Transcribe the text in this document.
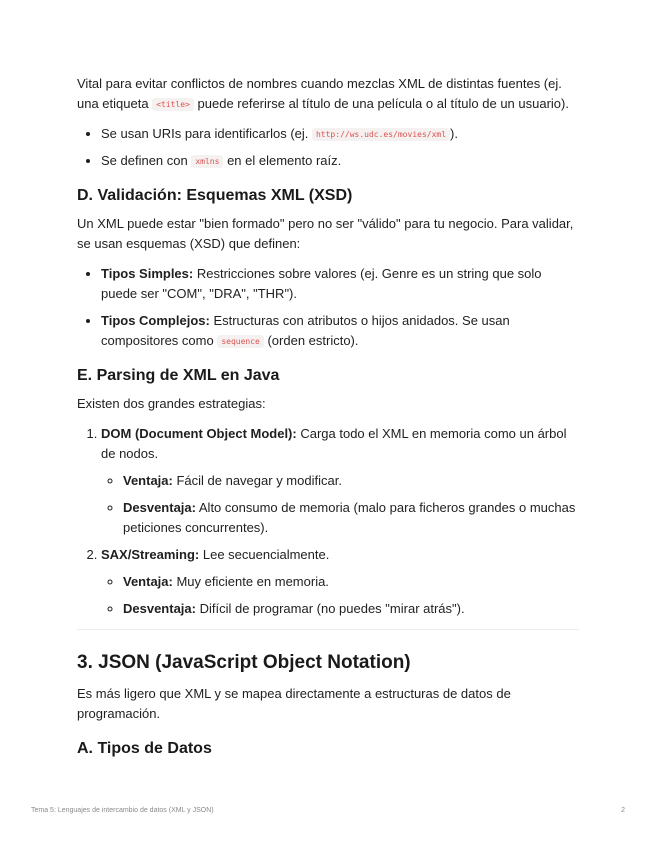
Vital para evitar conflictos de nombres cuando mezclas XML de distintas fuentes (ej. una etiqueta <title> puede referirse al título de una película o al título de un usuario).

• Se usan URIs para identificarlos (ej. http://ws.udc.es/movies/xml ).
• Se definen con xmlns en el elemento raíz.
D. Validación: Esquemas XML (XSD)

Un XML puede estar "bien formado" pero no ser "válido" para tu negocio. Para validar, se usan esquemas (XSD) que definen:

• Tipos Simples: Restricciones sobre valores (ej. Genre es un string que solo puede ser "COM", "DRA", "THR").
• Tipos Complejos: Estructuras con atributos o hijos anidados. Se usan compositores como sequence (orden estricto).
E. Parsing de XML en Java

Existen dos grandes estrategias:

1. DOM (Document Object Model): Carga todo el XML en memoria como un árbol de nodos.
◦ Ventaja: Fácil de navegar y modificar.
◦ Desventaja: Alto consumo de memoria (malo para ficheros grandes o muchas peticiones concurrentes).
2. SAX/Streaming: Lee secuencialmente.
◦ Ventaja: Muy eficiente en memoria.
◦ Desventaja: Difícil de programar (no puedes "mirar atrás").
3. JSON (JavaScript Object Notation)

Es más ligero que XML y se mapea directamente a estructuras de datos de programación.

A. Tipos de Datos
Tema 5: Lenguajes de intercambio de datos (XML y JSON)	2
